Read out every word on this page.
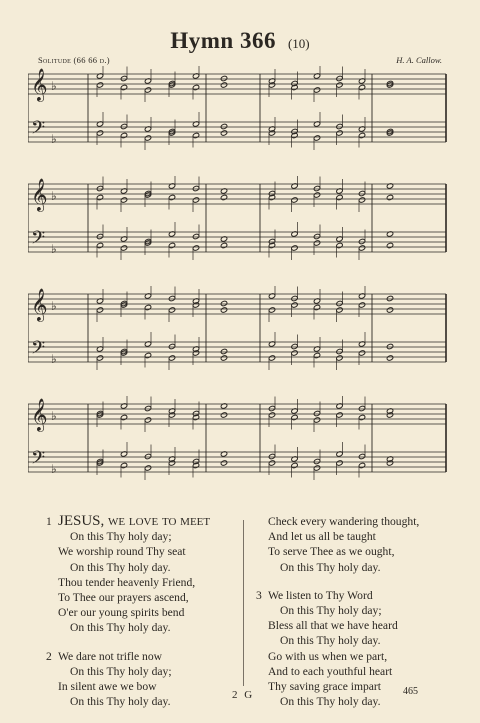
Hymn 366 (10)
Solitude (66 66 d.)	H. A. Callow.
𝄞 ♭
𝄢 ♭
𝄞 ♭
𝄢 ♭
𝄞 ♭
𝄢 ♭
𝄞 ♭
𝄢 ♭
1 JESUS, we love to meet
On this Thy holy day;
We worship round Thy seat
On this Thy holy day.
Thou tender heavenly Friend,
To Thee our prayers ascend,
O'er our young spirits bend
On this Thy holy day.
2 We dare not trifle now
On this Thy holy day;
In silent awe we bow
On this Thy holy day.
Check every wandering thought,
And let us all be taught
To serve Thee as we ought,
On this Thy holy day.
3 We listen to Thy Word
On this Thy holy day;
Bless all that we have heard
On this Thy holy day.
Go with us when we part,
And to each youthful heart
Thy saving grace impart
On this Thy holy day.
2 G	465
